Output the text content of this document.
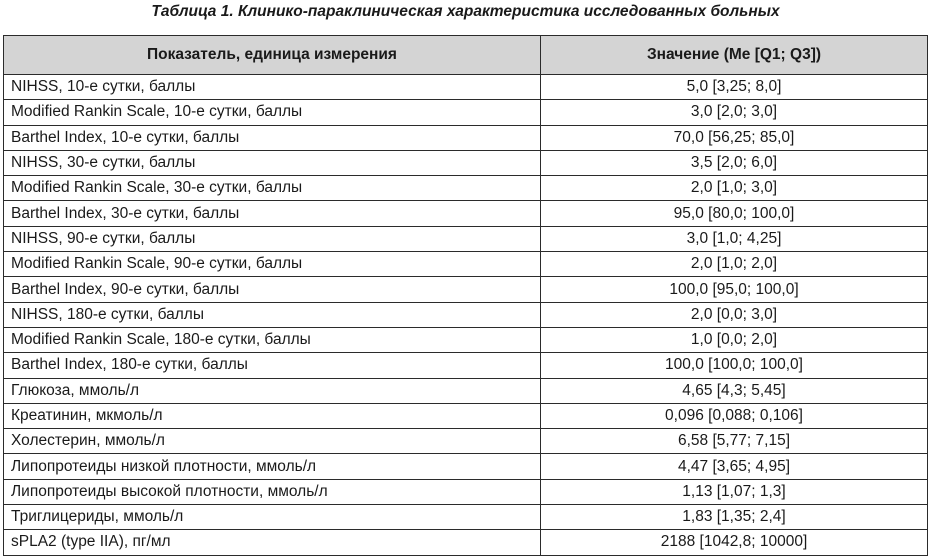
Таблица 1. Клинико-параклиническая характеристика исследованных больных
Показатель, единица измерения	Значение (Me [Q1; Q3])
NIHSS, 10-е сутки, баллы	5,0 [3,25; 8,0]
Modified Rankin Scale, 10-е сутки, баллы	3,0 [2,0; 3,0]
Barthel Index, 10-е сутки, баллы	70,0 [56,25; 85,0]
NIHSS, 30-е сутки, баллы	3,5 [2,0; 6,0]
Modified Rankin Scale, 30-е сутки, баллы	2,0 [1,0; 3,0]
Barthel Index, 30-е сутки, баллы	95,0 [80,0; 100,0]
NIHSS, 90-е сутки, баллы	3,0 [1,0; 4,25]
Modified Rankin Scale, 90-е сутки, баллы	2,0 [1,0; 2,0]
Barthel Index, 90-е сутки, баллы	100,0 [95,0; 100,0]
NIHSS, 180-е сутки, баллы	2,0 [0,0; 3,0]
Modified Rankin Scale, 180-е сутки, баллы	1,0 [0,0; 2,0]
Barthel Index, 180-е сутки, баллы	100,0 [100,0; 100,0]
Глюкоза, ммоль/л	4,65 [4,3; 5,45]
Креатинин, мкмоль/л	0,096 [0,088; 0,106]
Холестерин, ммоль/л	6,58 [5,77; 7,15]
Липопротеиды низкой плотности, ммоль/л	4,47 [3,65; 4,95]
Липопротеиды высокой плотности, ммоль/л	1,13 [1,07; 1,3]
Триглицериды, ммоль/л	1,83 [1,35; 2,4]
sPLA2 (type IIA), пг/мл	2188 [1042,8; 10000]
